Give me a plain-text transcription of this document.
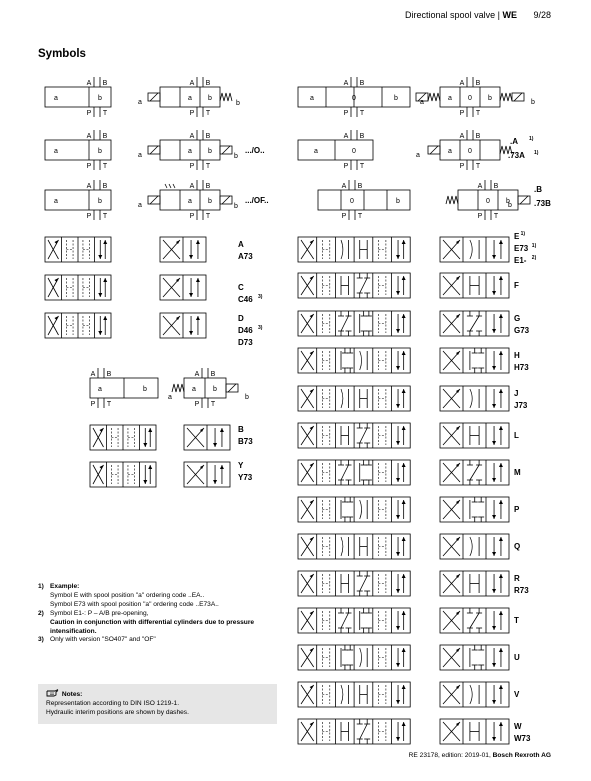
Directional spool valve | WE 9/28
Symbols
a	b
A B
P T
a	b
A B
P T
a	b
A B
P T
a b
b
A B
P T
a
a b
b
A B
P T
.../O..
a
a b
b
A B
P T
.../OF..
a
a	0	b
A B
P T
a	0
A B
P T
0	b
A B
P T
A B
P T
a 0 b
a	b
A B
P T
a 0
a
.A 1)
.73A 1)
A B
P T
0 b
b
.B
.73B
a	b
A B
P T
a b
a	b
A B
P T
A
A73
C
C46 3)
D
D46 3)
D73
B
B73
Y
Y73
E 1)
E73 1)
E1- 2)
F
G
G73
H
H73
J
J73
L
M
P
Q
R
R73
T
U
V
W
W73
1) Example:
Symbol E with spool position "a" ordering code ..EA..
Symbol E73 with spool position "a" ordering code ..E73A..
2) Symbol E1-: P – A/B pre-opening,
Caution in conjunction with differential cylinders due to pressure intensification.
3) Only with version "SO407" and "OF"
Notes:
Representation according to DIN ISO 1219-1.
Hydraulic interim positions are shown by dashes.
RE 23178, edition: 2019-01, Bosch Rexroth AG
